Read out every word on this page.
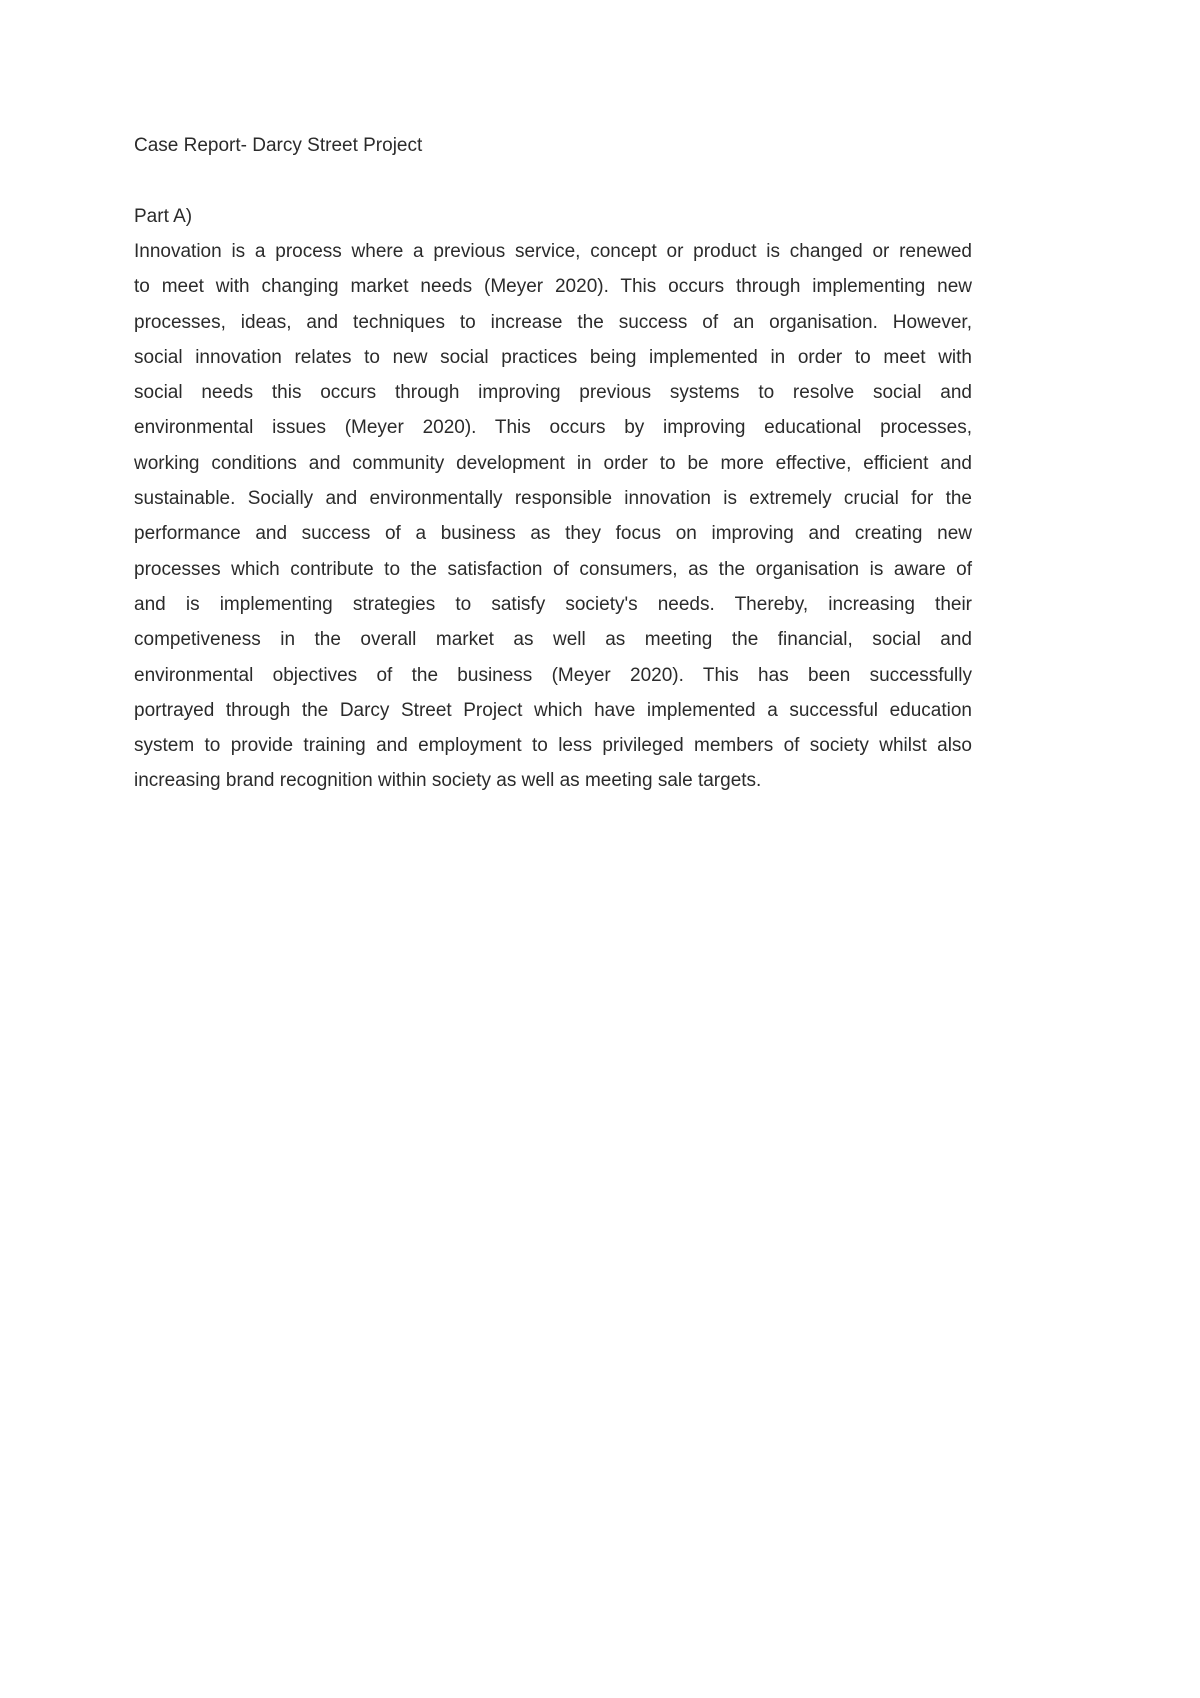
Case Report- Darcy Street Project
Part A)
Innovation is a process where a previous service, concept or product is changed or renewed
to meet with changing market needs (Meyer 2020). This occurs through implementing new
processes, ideas, and techniques to increase the success of an organisation. However,
social innovation relates to new social practices being implemented in order to meet with
social needs this occurs through improving previous systems to resolve social and
environmental issues (Meyer 2020). This occurs by improving educational processes,
working conditions and community development in order to be more effective, efficient and
sustainable. Socially and environmentally responsible innovation is extremely crucial for the
performance and success of a business as they focus on improving and creating new
processes which contribute to the satisfaction of consumers, as the organisation is aware of
and is implementing strategies to satisfy society's needs. Thereby, increasing their
competiveness in the overall market as well as meeting the financial, social and
environmental objectives of the business (Meyer 2020). This has been successfully
portrayed through the Darcy Street Project which have implemented a successful education
system to provide training and employment to less privileged members of society whilst also
increasing brand recognition within society as well as meeting sale targets.
